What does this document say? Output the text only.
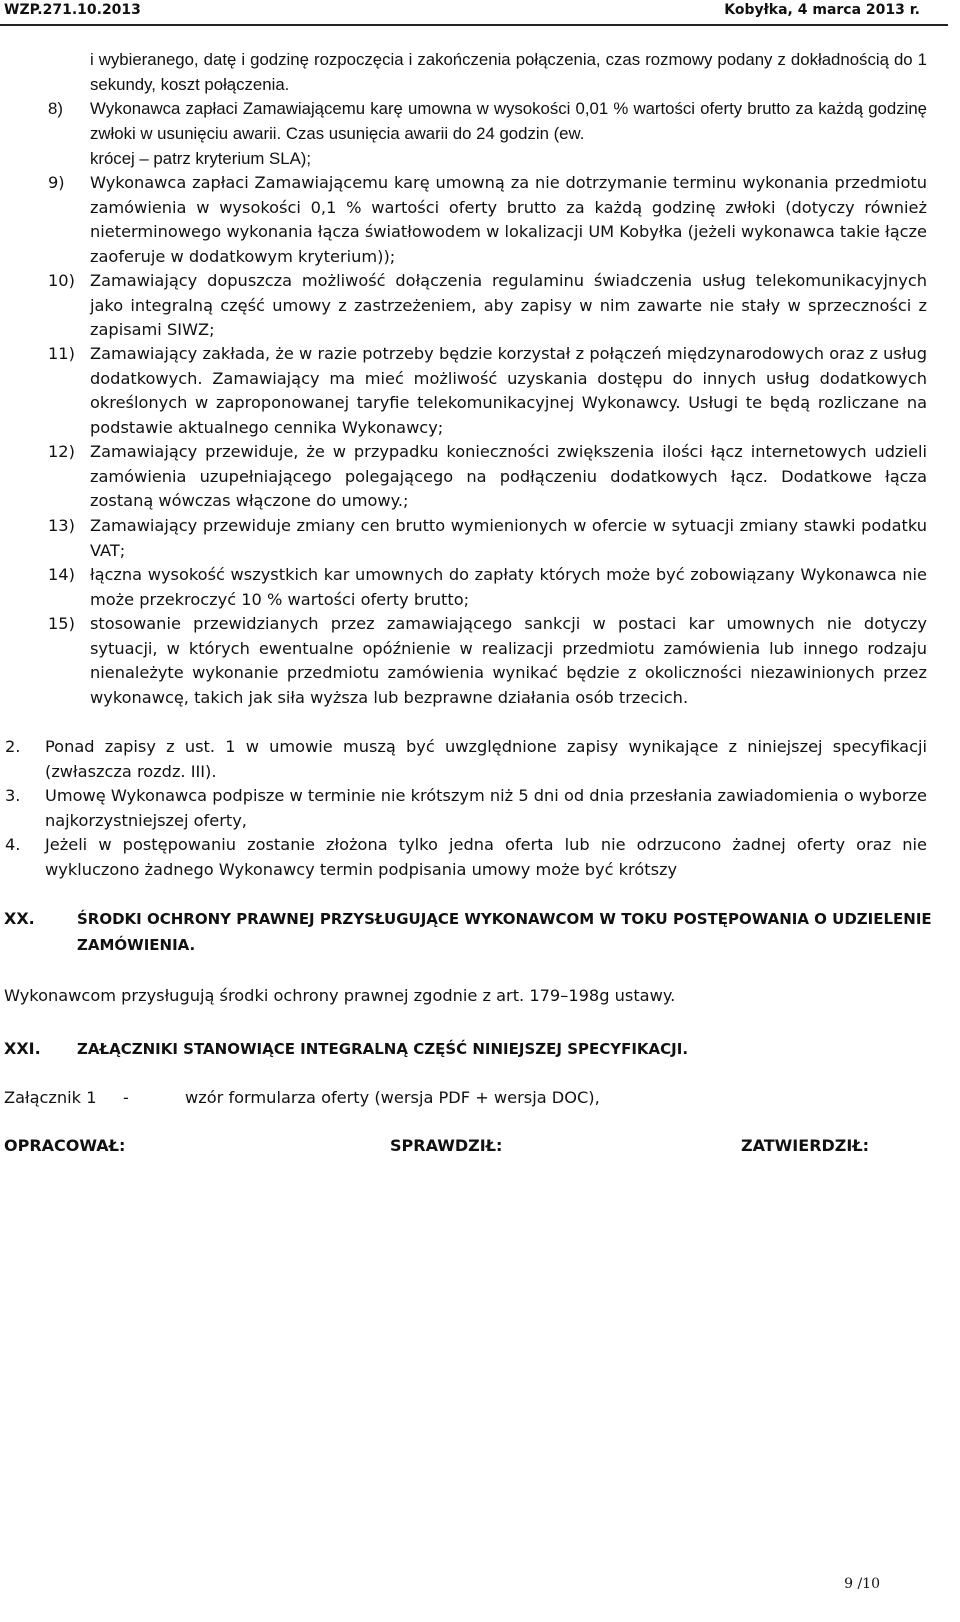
WZP.271.10.2013	Kobyłka, 4 marca 2013 r.
i wybieranego, datę i godzinę rozpoczęcia i zakończenia połączenia, czas rozmowy podany z dokładnością do 1 sekundy, koszt połączenia.
8)	Wykonawca zapłaci Zamawiającemu karę umowna w wysokości 0,01 % wartości oferty brutto za każdą godzinę zwłoki w usunięciu awarii. Czas usunięcia awarii do 24 godzin (ew.
krócej – patrz kryterium SLA);
9)	Wykonawca zapłaci Zamawiającemu karę umowną za nie dotrzymanie terminu wykonania przedmiotu zamówienia w wysokości 0,1 % wartości oferty brutto za każdą godzinę zwłoki (dotyczy również nieterminowego wykonania łącza światłowodem w lokalizacji UM Kobyłka (jeżeli wykonawca takie łącze zaoferuje w dodatkowym kryterium));
10) Zamawiający dopuszcza możliwość dołączenia regulaminu świadczenia usług telekomunikacyjnych jako integralną część umowy z zastrzeżeniem, aby zapisy w nim zawarte nie stały w sprzeczności z zapisami SIWZ;
11) Zamawiający zakłada, że w razie potrzeby będzie korzystał z połączeń międzynarodowych oraz z usług dodatkowych. Zamawiający ma mieć możliwość uzyskania dostępu do innych usług dodatkowych określonych w zaproponowanej taryfie telekomunikacyjnej Wykonawcy. Usługi te będą rozliczane na podstawie aktualnego cennika Wykonawcy;
12) Zamawiający przewiduje, że w przypadku konieczności zwiększenia ilości łącz internetowych udzieli zamówienia uzupełniającego polegającego na podłączeniu dodatkowych łącz. Dodatkowe łącza zostaną wówczas włączone do umowy.;
13) Zamawiający przewiduje zmiany cen brutto wymienionych w ofercie w sytuacji zmiany stawki podatku VAT;
14) łączna wysokość wszystkich kar umownych do zapłaty których może być zobowiązany Wykonawca nie może przekroczyć 10 % wartości oferty brutto;
15) stosowanie przewidzianych przez zamawiającego sankcji w postaci kar umownych nie dotyczy sytuacji, w których ewentualne opóźnienie w realizacji przedmiotu zamówienia lub innego rodzaju nienależyte wykonanie przedmiotu zamówienia wynikać będzie z okoliczności niezawinionych przez wykonawcę, takich jak siła wyższa lub bezprawne działania osób trzecich.
2.	Ponad zapisy z ust. 1 w umowie muszą być uwzględnione zapisy wynikające z niniejszej specyfikacji (zwłaszcza rozdz. III).
3.	Umowę Wykonawca podpisze w terminie nie krótszym niż 5 dni od dnia przesłania zawiadomienia o wyborze najkorzystniejszej oferty,
4.	Jeżeli w postępowaniu zostanie złożona tylko jedna oferta lub nie odrzucono żadnej oferty oraz nie wykluczono żadnego Wykonawcy termin podpisania umowy może być krótszy
XX.	ŚRODKI OCHRONY PRAWNEJ PRZYSŁUGUJĄCE WYKONAWCOM W TOKU POSTĘPOWANIA O UDZIELENIE ZAMÓWIENIA.
Wykonawcom przysługują środki ochrony prawnej zgodnie z art. 179–198g ustawy.
XXI. ZAŁĄCZNIKI STANOWIĄCE INTEGRALNĄ CZĘŚĆ NINIEJSZEJ SPECYFIKACJI.
Załącznik 1 -	wzór formularza oferty (wersja PDF + wersja DOC),
OPRACOWAŁ:	SPRAWDZIŁ:	ZATWIERDZIŁ:
9 /10
